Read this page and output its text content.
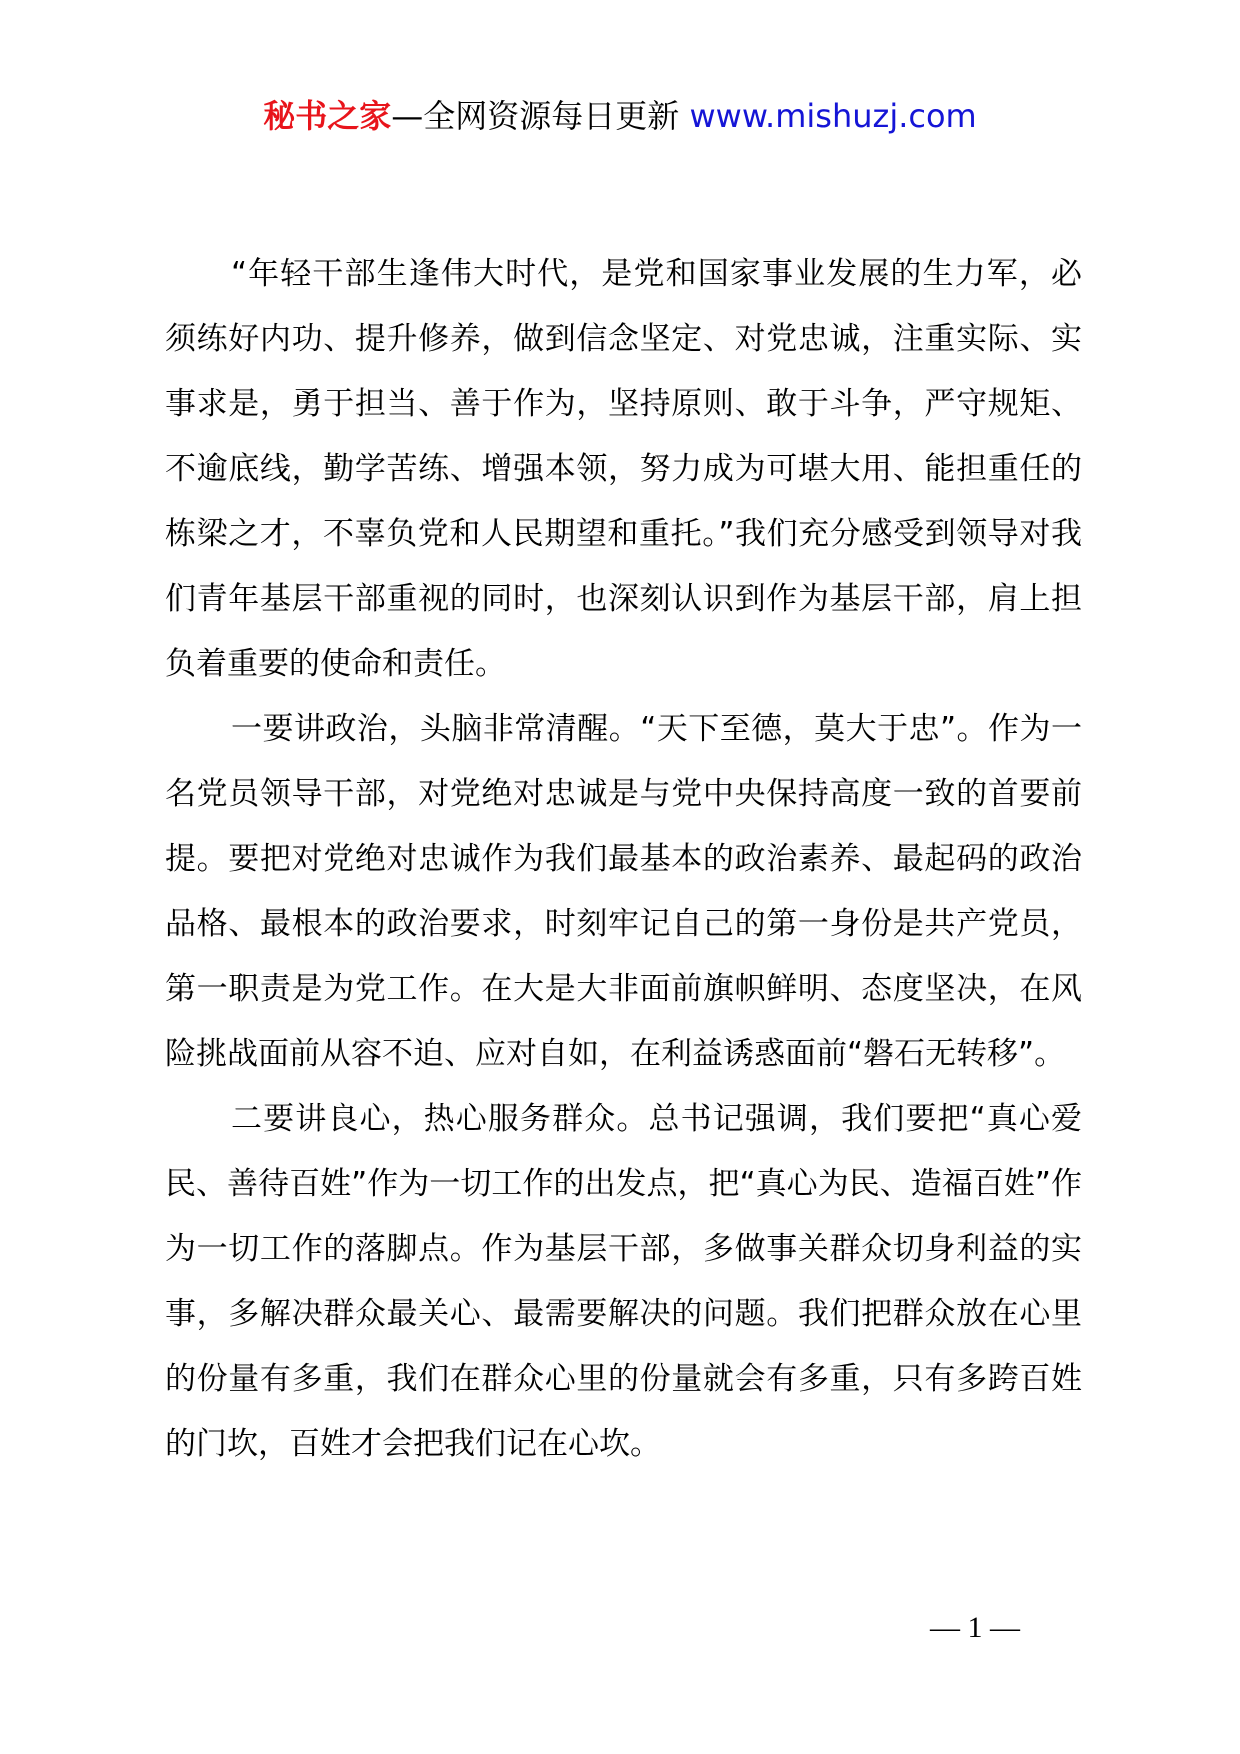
秘书之家—全网资源每日更新 www.mishuzj.com

“年轻干部生逢伟大时代，是党和国家事业发展的生力军，必须练好内功、提升修养，做到信念坚定、对党忠诚，注重实际、实事求是，勇于担当、善于作为，坚持原则、敢于斗争，严守规矩、不逾底线，勤学苦练、增强本领，努力成为可堪大用、能担重任的栋梁之才，不辜负党和人民期望和重托。”我们充分感受到领导对我们青年基层干部重视的同时，也深刻认识到作为基层干部，肩上担负着重要的使命和责任。

一要讲政治，头脑非常清醒。“天下至德，莫大于忠”。作为一名党员领导干部，对党绝对忠诚是与党中央保持高度一致的首要前提。要把对党绝对忠诚作为我们最基本的政治素养、最起码的政治品格、最根本的政治要求，时刻牢记自己的第一身份是共产党员，第一职责是为党工作。在大是大非面前旗帜鲜明、态度坚决，在风险挑战面前从容不迫、应对自如，在利益诱惑面前“磐石无转移”。

二要讲良心，热心服务群众。总书记强调，我们要把“真心爱民、善待百姓”作为一切工作的出发点，把“真心为民、造福百姓”作为一切工作的落脚点。作为基层干部，多做事关群众切身利益的实事，多解决群众最关心、最需要解决的问题。我们把群众放在心里的份量有多重，我们在群众心里的份量就会有多重，只有多跨百姓的门坎，百姓才会把我们记在心坎。

— 1 —
